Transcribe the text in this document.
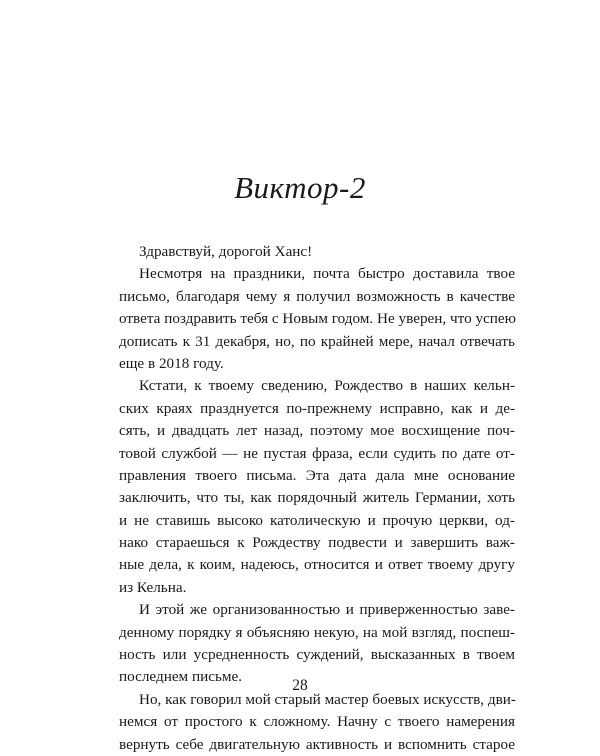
Виктор-2
Здравствуй, дорогой Ханс!
Несмотря на праздники, почта быстро доставила твое
письмо, благодаря чему я получил возможность в качестве
ответа поздравить тебя с Новым годом. Не уверен, что успею
дописать к 31 декабря, но, по крайней мере, начал отвечать
еще в 2018 году.
Кстати, к твоему сведению, Рождество в наших кельн-
ских краях празднуется по-прежнему исправно, как и де-
сять, и двадцать лет назад, поэтому мое восхищение поч-
товой службой — не пустая фраза, если судить по дате от-
правления твоего письма. Эта дата дала мне основание
заключить, что ты, как порядочный житель Германии, хоть
и не ставишь высоко католическую и прочую церкви, од-
нако стараешься к Рождеству подвести и завершить важ-
ные дела, к коим, надеюсь, относится и ответ твоему другу
из Кельна.
И этой же организованностью и приверженностью заве-
денному порядку я объясняю некую, на мой взгляд, поспеш-
ность или усредненность суждений, высказанных в твоем
последнем письме.
Но, как говорил мой старый мастер боевых искусств, дви-
немся от простого к сложному. Начну с твоего намерения
вернуть себе двигательную активность и вспомнить старое
28
